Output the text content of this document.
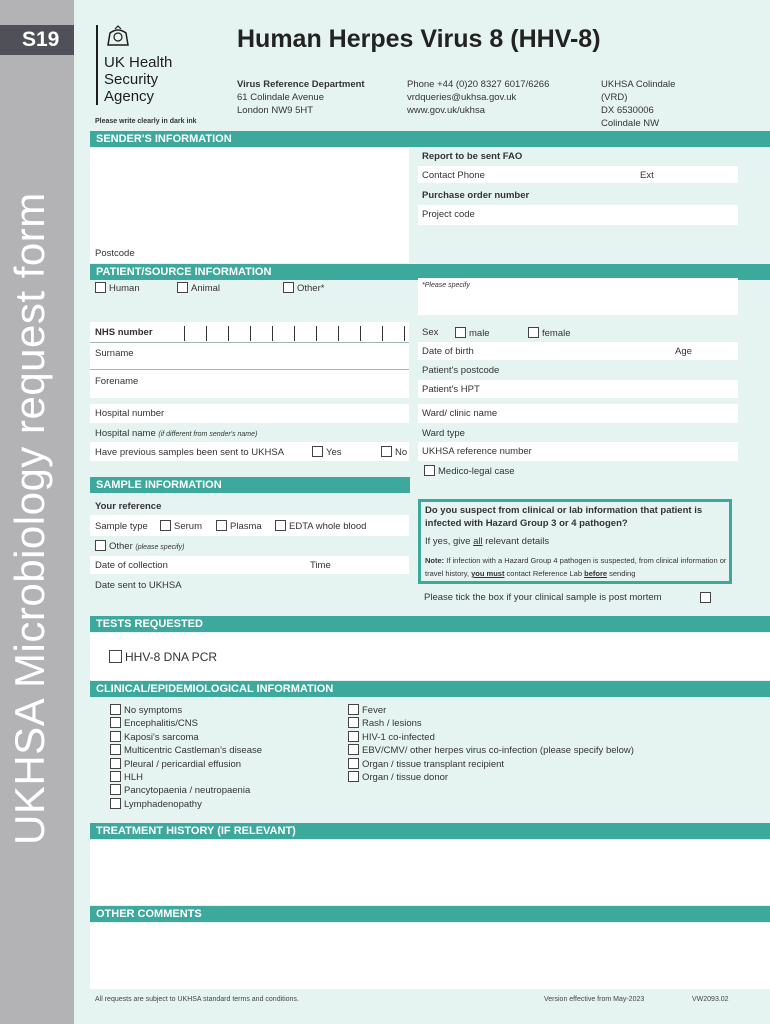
S19
UKHSA Microbiology request form
UK Health
Security
Agency
Human Herpes Virus 8 (HHV-8)
Virus Reference Department
61 Colindale Avenue
London NW9 5HT
Phone +44 (0)20 8327 6017/6266
vrdqueries@ukhsa.gov.uk
www.gov.uk/ukhsa
UKHSA Colindale
(VRD)
DX 6530006
Colindale NW
Please write clearly in dark ink
SENDER'S INFORMATION
Postcode
Report to be sent FAO
Contact Phone	Ext
Purchase order number
Project code
PATIENT/SOURCE INFORMATION
Human	Animal	Other*	*Please specify
NHS number
Surname
Forename
Sex	male	female
Date of birth	Age
Patient's postcode
Patient's HPT
Hospital number
Hospital name (if different from sender's name)
Have previous samples been sent to UKHSA	Yes	No
Ward/ clinic name
Ward type
UKHSA reference number
Medico-legal case
SAMPLE INFORMATION
Your reference
Sample type	Serum	Plasma	EDTA whole blood
Other (please specify)
Date of collection	Time
Date sent to UKHSA
Do you suspect from clinical or lab information that patient is infected with Hazard Group 3 or 4 pathogen?
If yes, give all relevant details
Note: If infection with a Hazard Group 4 pathogen is suspected, from clinical information or travel history, you must contact Reference Lab before sending
Please tick the box if your clinical sample is post mortem
TESTS REQUESTED
HHV-8 DNA PCR
CLINICAL/EPIDEMIOLOGICAL INFORMATION
No symptoms
Encephalitis/CNS
Kaposi's sarcoma
Multicentric Castleman's disease
Pleural / pericardial effusion
HLH
Pancytopaenia / neutropaenia
Lymphadenopathy
Fever
Rash / lesions
HIV-1 co-infected
EBV/CMV/ other herpes virus co-infection (please specify below)
Organ / tissue transplant recipient
Organ / tissue donor
TREATMENT HISTORY (IF RELEVANT)
OTHER COMMENTS
All requests are subject to UKHSA standard terms and conditions.	Version effective from May-2023	VW2093.02
